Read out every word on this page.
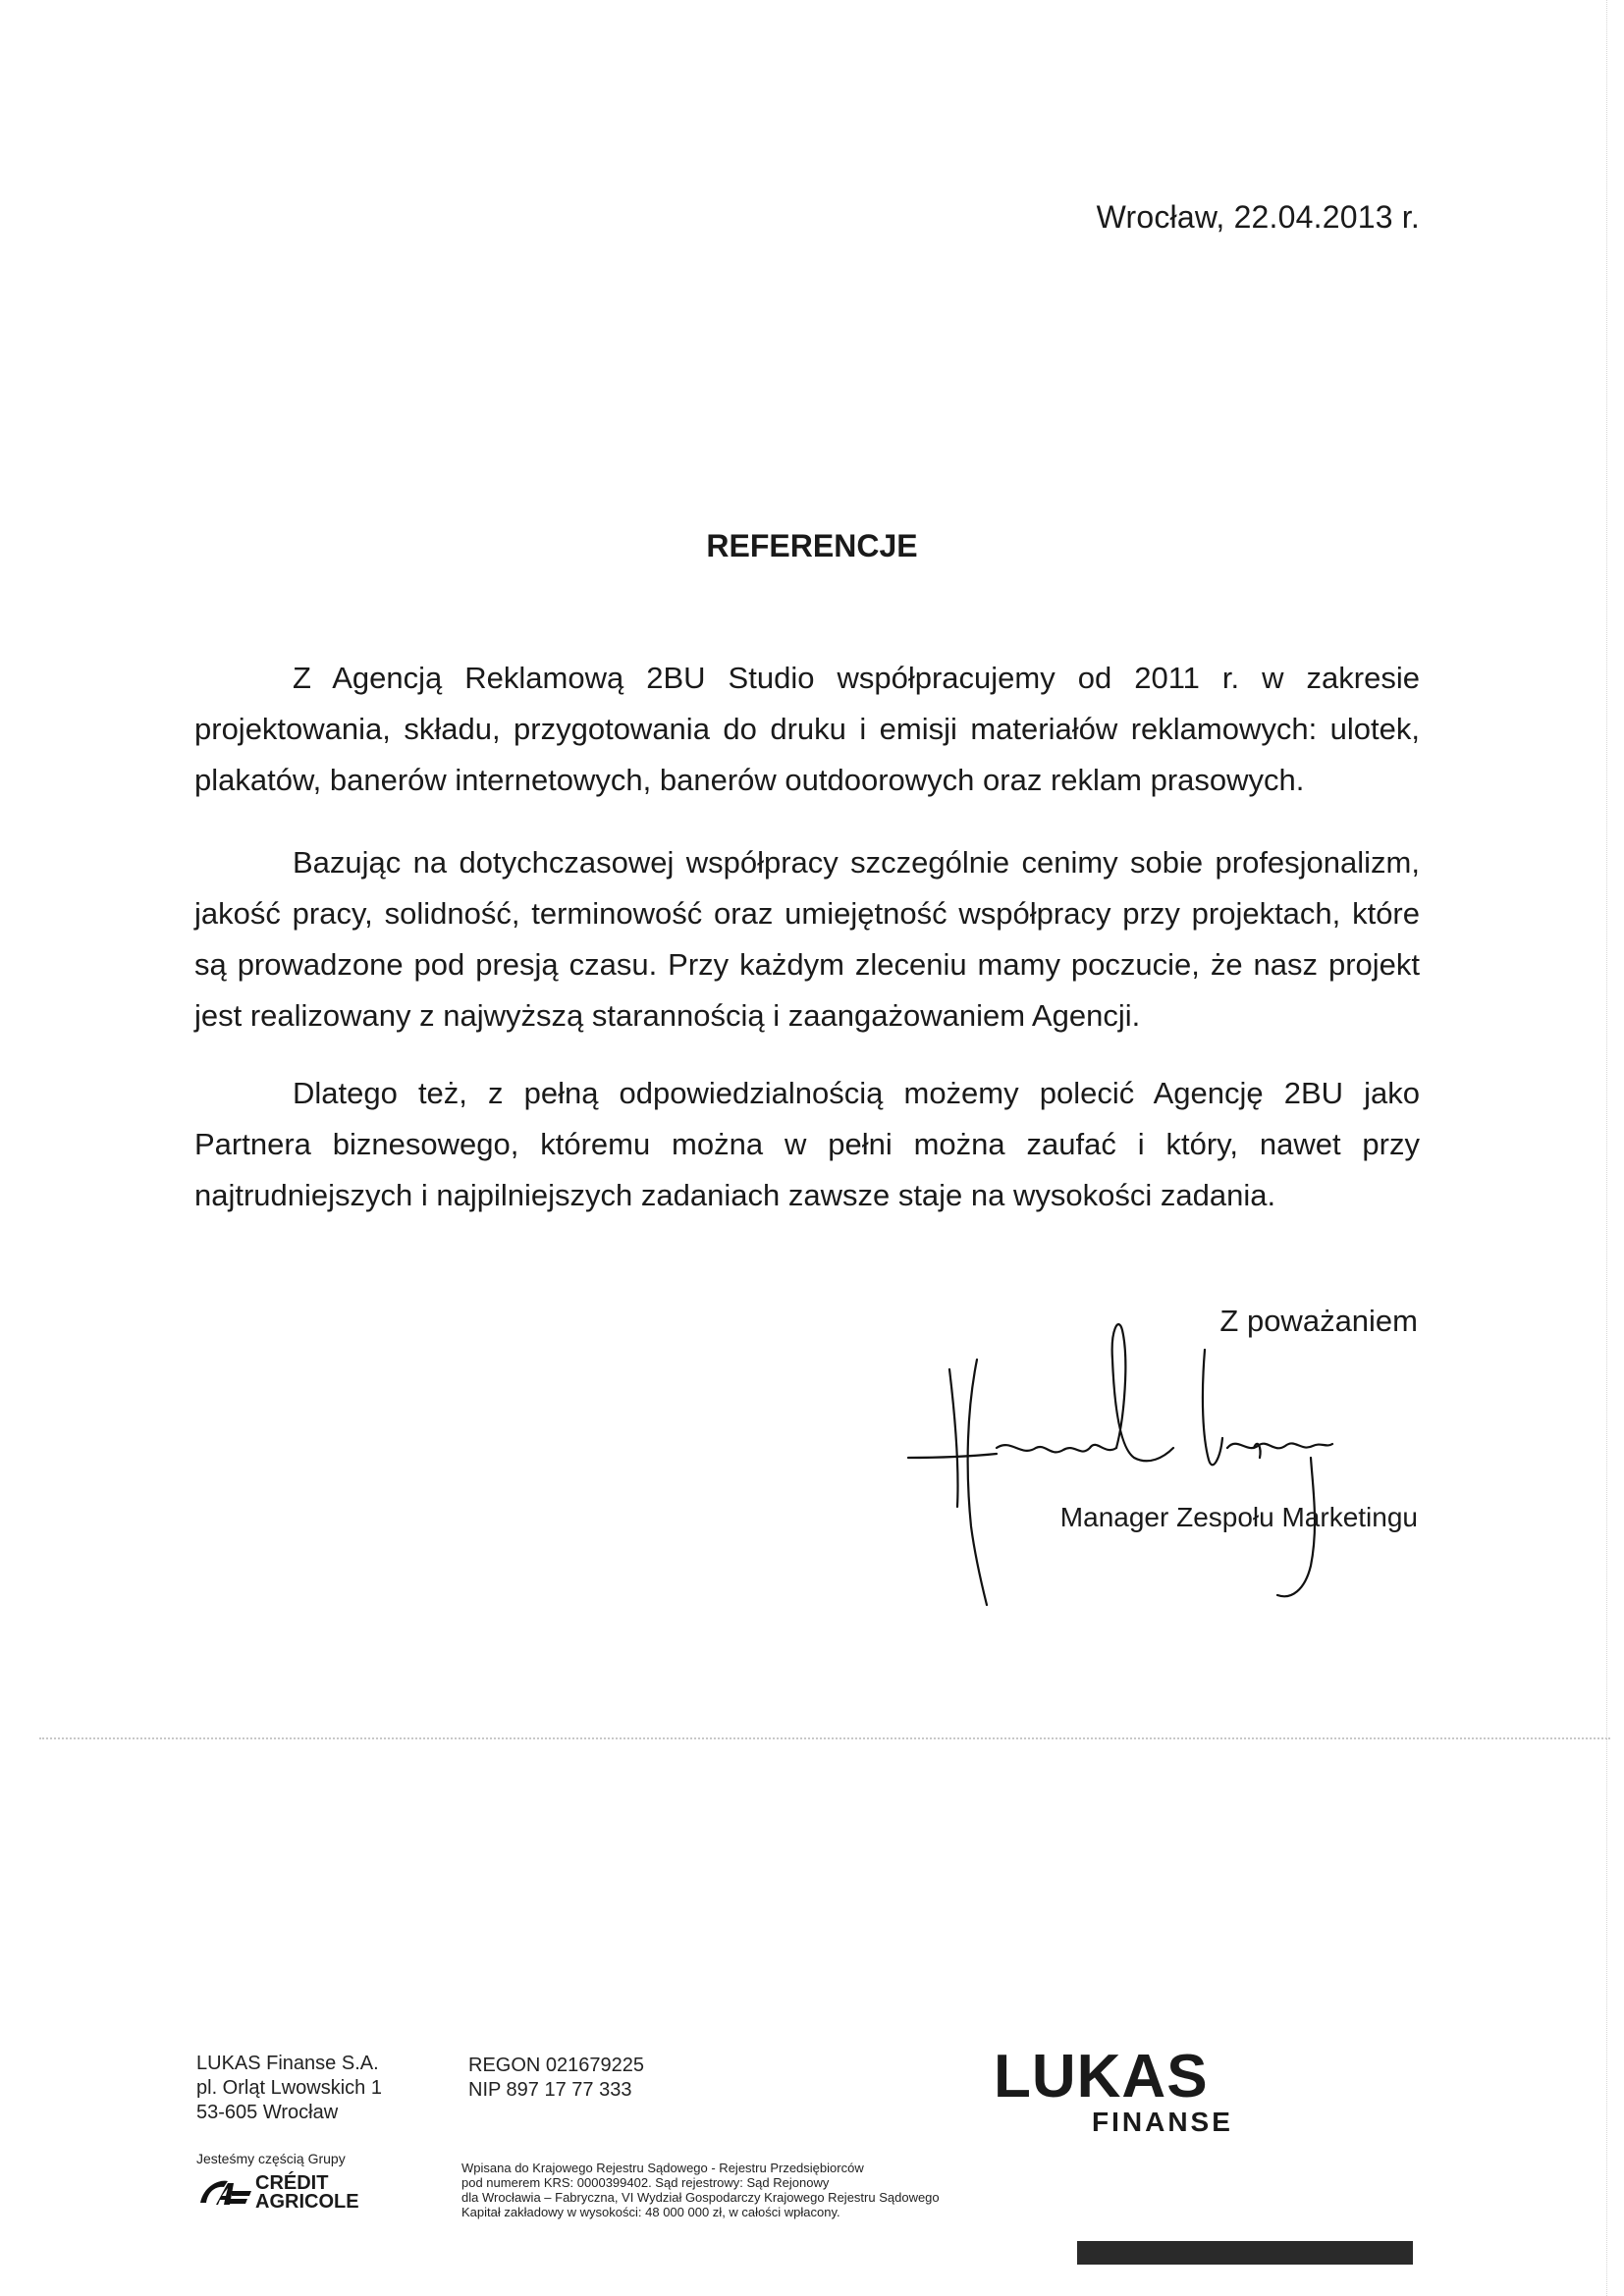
Wrocław, 22.04.2013 r.
REFERENCJE
Z Agencją Reklamową 2BU Studio współpracujemy od 2011 r. w zakresie projektowania, składu, przygotowania do druku i emisji materiałów reklamowych: ulotek, plakatów, banerów internetowych, banerów outdoorowych oraz reklam prasowych.
Bazując na dotychczasowej współpracy szczególnie cenimy sobie profesjonalizm, jakość pracy, solidność, terminowość oraz umiejętność współpracy przy projektach, które są prowadzone pod presją czasu. Przy każdym zleceniu mamy poczucie, że nasz projekt jest realizowany z najwyższą starannością i zaangażowaniem Agencji.
Dlatego też, z pełną odpowiedzialnością możemy polecić Agencję 2BU jako Partnera biznesowego, któremu można w pełni można zaufać i który, nawet przy najtrudniejszych i najpilniejszych zadaniach zawsze staje na wysokości zadania.
Z poważaniem
Manager Zespołu Marketingu
LUKAS Finanse S.A.
pl. Orląt Lwowskich 1
53-605 Wrocław
REGON 021679225
NIP 897 17 77 333	LUKAS
FINANSE
Jesteśmy częścią Grupy
CRÉDIT
AGRICOLE
Wpisana do Krajowego Rejestru Sądowego - Rejestru Przedsiębiorców
pod numerem KRS: 0000399402. Sąd rejestrowy: Sąd Rejonowy
dla Wrocławia – Fabryczna, VI Wydział Gospodarczy Krajowego Rejestru Sądowego
Kapitał zakładowy w wysokości: 48 000 000 zł, w całości wpłacony.
